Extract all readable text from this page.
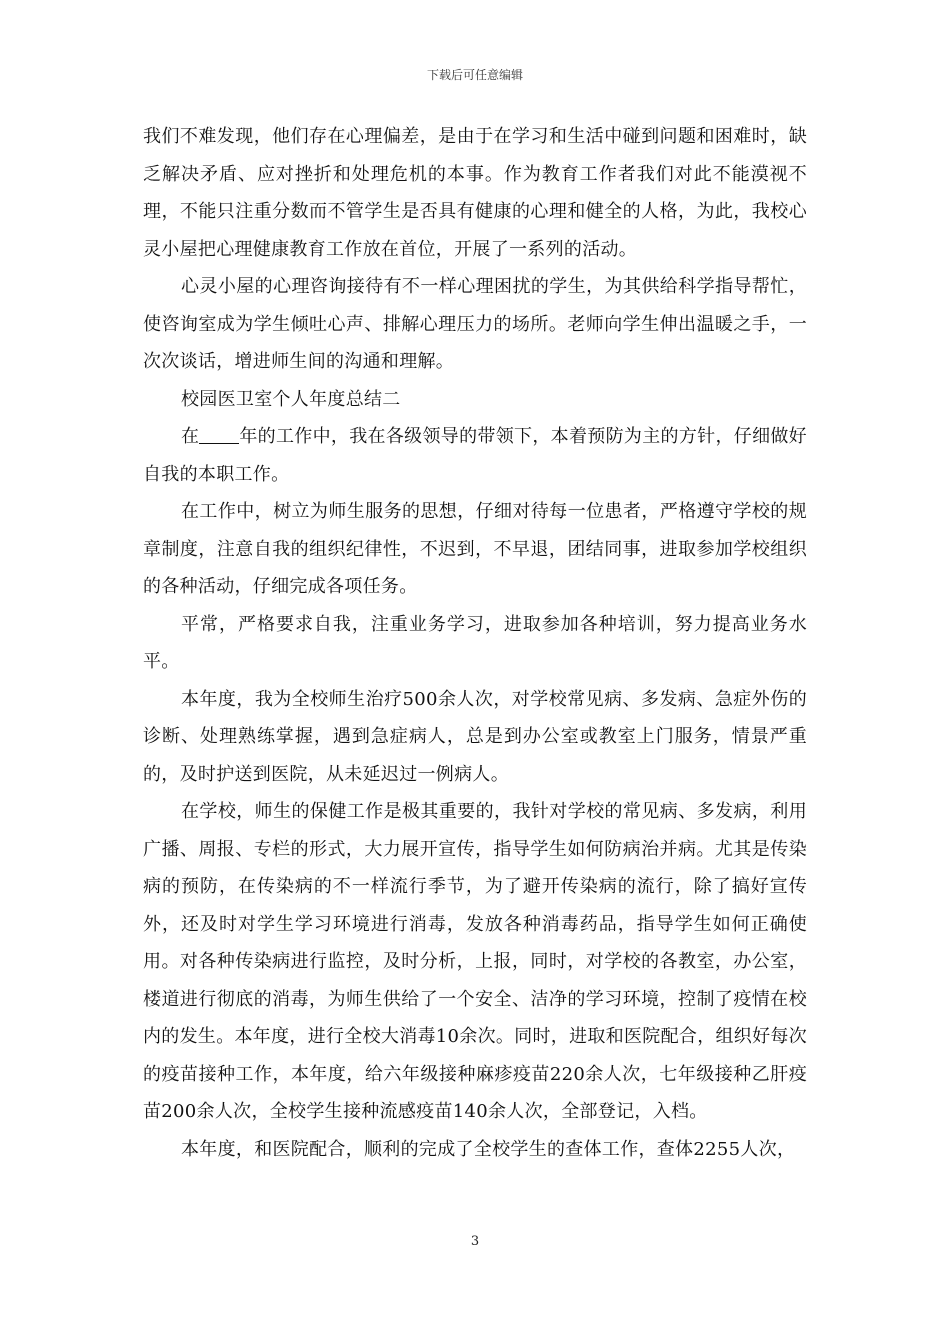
下载后可任意编辑

我们不难发现，他们存在心理偏差，是由于在学习和生活中碰到问题和困难时，缺乏解决矛盾、应对挫折和处理危机的本事。作为教育工作者我们对此不能漠视不理，不能只注重分数而不管学生是否具有健康的心理和健全的人格，为此，我校心灵小屋把心理健康教育工作放在首位，开展了一系列的活动。

心灵小屋的心理咨询接待有不一样心理困扰的学生，为其供给科学指导帮忙，使咨询室成为学生倾吐心声、排解心理压力的场所。老师向学生伸出温暖之手，一次次谈话，增进师生间的沟通和理解。

校园医卫室个人年度总结二

在 年的工作中，我在各级领导的带领下，本着预防为主的方针，仔细做好自我的本职工作。

在工作中，树立为师生服务的思想，仔细对待每一位患者，严格遵守学校的规章制度，注意自我的组织纪律性，不迟到，不早退，团结同事，进取参加学校组织的各种活动，仔细完成各项任务。

平常，严格要求自我，注重业务学习，进取参加各种培训，努力提高业务水平。

本年度，我为全校师生治疗500余人次，对学校常见病、多发病、急症外伤的诊断、处理熟练掌握，遇到急症病人，总是到办公室或教室上门服务，情景严重的，及时护送到医院，从未延迟过一例病人。

在学校，师生的保健工作是极其重要的，我针对学校的常见病、多发病，利用广播、周报、专栏的形式，大力展开宣传，指导学生如何防病治并病。尤其是传染病的预防，在传染病的不一样流行季节，为了避开传染病的流行，除了搞好宣传外，还及时对学生学习环境进行消毒，发放各种消毒药品，指导学生如何正确使用。对各种传染病进行监控，及时分析，上报，同时，对学校的各教室，办公室，楼道进行彻底的消毒，为师生供给了一个安全、洁净的学习环境，控制了疫情在校内的发生。本年度，进行全校大消毒10余次。同时，进取和医院配合，组织好每次的疫苗接种工作，本年度，给六年级接种麻疹疫苗220余人次，七年级接种乙肝疫苗200余人次，全校学生接种流感疫苗140余人次，全部登记，入档。

本年度，和医院配合，顺利的完成了全校学生的查体工作，查体2255人次，

3
